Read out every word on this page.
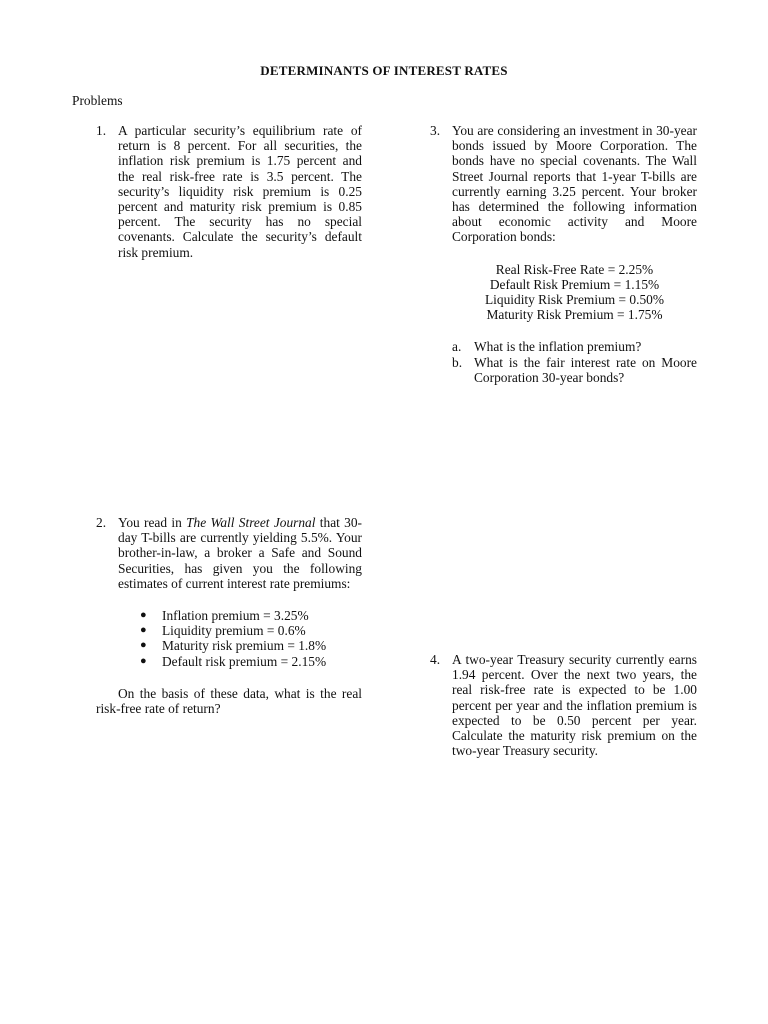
DETERMINANTS OF INTEREST RATES
Problems
1. A particular security’s equilibrium rate of return is 8 percent. For all securities, the inflation risk premium is 1.75 percent and the real risk-free rate is 3.5 percent. The security’s liquidity risk premium is 0.25 percent and maturity risk premium is 0.85 percent. The security has no special covenants. Calculate the security’s default risk premium.
3. You are considering an investment in 30-year bonds issued by Moore Corporation. The bonds have no special covenants. The Wall Street Journal reports that 1-year T-bills are currently earning 3.25 percent. Your broker has determined the following information about economic activity and Moore Corporation bonds:
Real Risk-Free Rate = 2.25%
Default Risk Premium = 1.15%
Liquidity Risk Premium = 0.50%
Maturity Risk Premium = 1.75%
a. What is the inflation premium?
b. What is the fair interest rate on Moore Corporation 30-year bonds?
2. You read in The Wall Street Journal that 30-day T-bills are currently yielding 5.5%. Your brother-in-law, a broker a Safe and Sound Securities, has given you the following estimates of current interest rate premiums:
● Inflation premium = 3.25%
● Liquidity premium = 0.6%
● Maturity risk premium = 1.8%
● Default risk premium = 2.15%
On the basis of these data, what is the real risk-free rate of return?
4. A two-year Treasury security currently earns 1.94 percent. Over the next two years, the real risk-free rate is expected to be 1.00 percent per year and the inflation premium is expected to be 0.50 percent per year. Calculate the maturity risk premium on the two-year Treasury security.
